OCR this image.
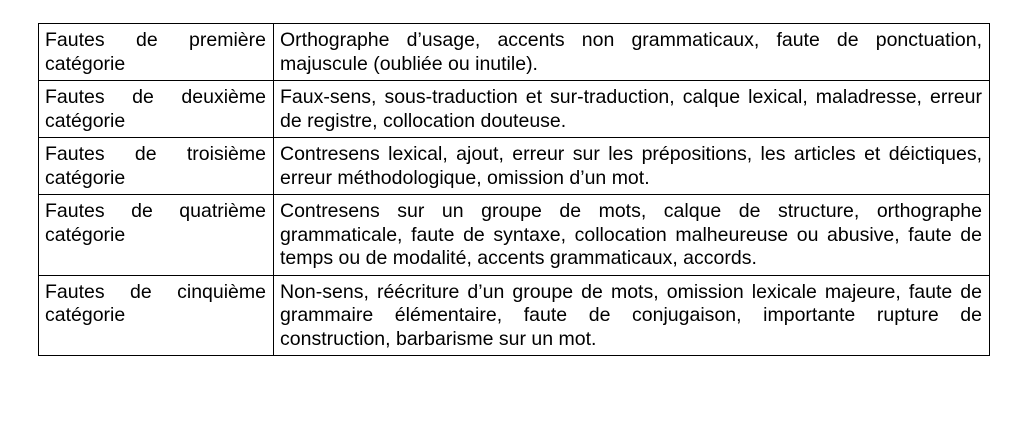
Fautes de première catégorie	Orthographe d’usage, accents non grammaticaux, faute de ponctuation, majuscule (oubliée ou inutile).
Fautes de deuxième catégorie	Faux-sens, sous-traduction et sur-traduction, calque lexical, maladresse, erreur de registre, collocation douteuse.
Fautes de troisième catégorie	Contresens lexical, ajout, erreur sur les prépositions, les articles et déictiques, erreur méthodologique, omission d’un mot.
Fautes de quatrième catégorie	Contresens sur un groupe de mots, calque de structure, orthographe grammaticale, faute de syntaxe, collocation malheureuse ou abusive, faute de temps ou de modalité, accents grammaticaux, accords.
Fautes de cinquième catégorie	Non-sens, réécriture d’un groupe de mots, omission lexicale majeure, faute de grammaire élémentaire, faute de conjugaison, importante rupture de construction, barbarisme sur un mot.
